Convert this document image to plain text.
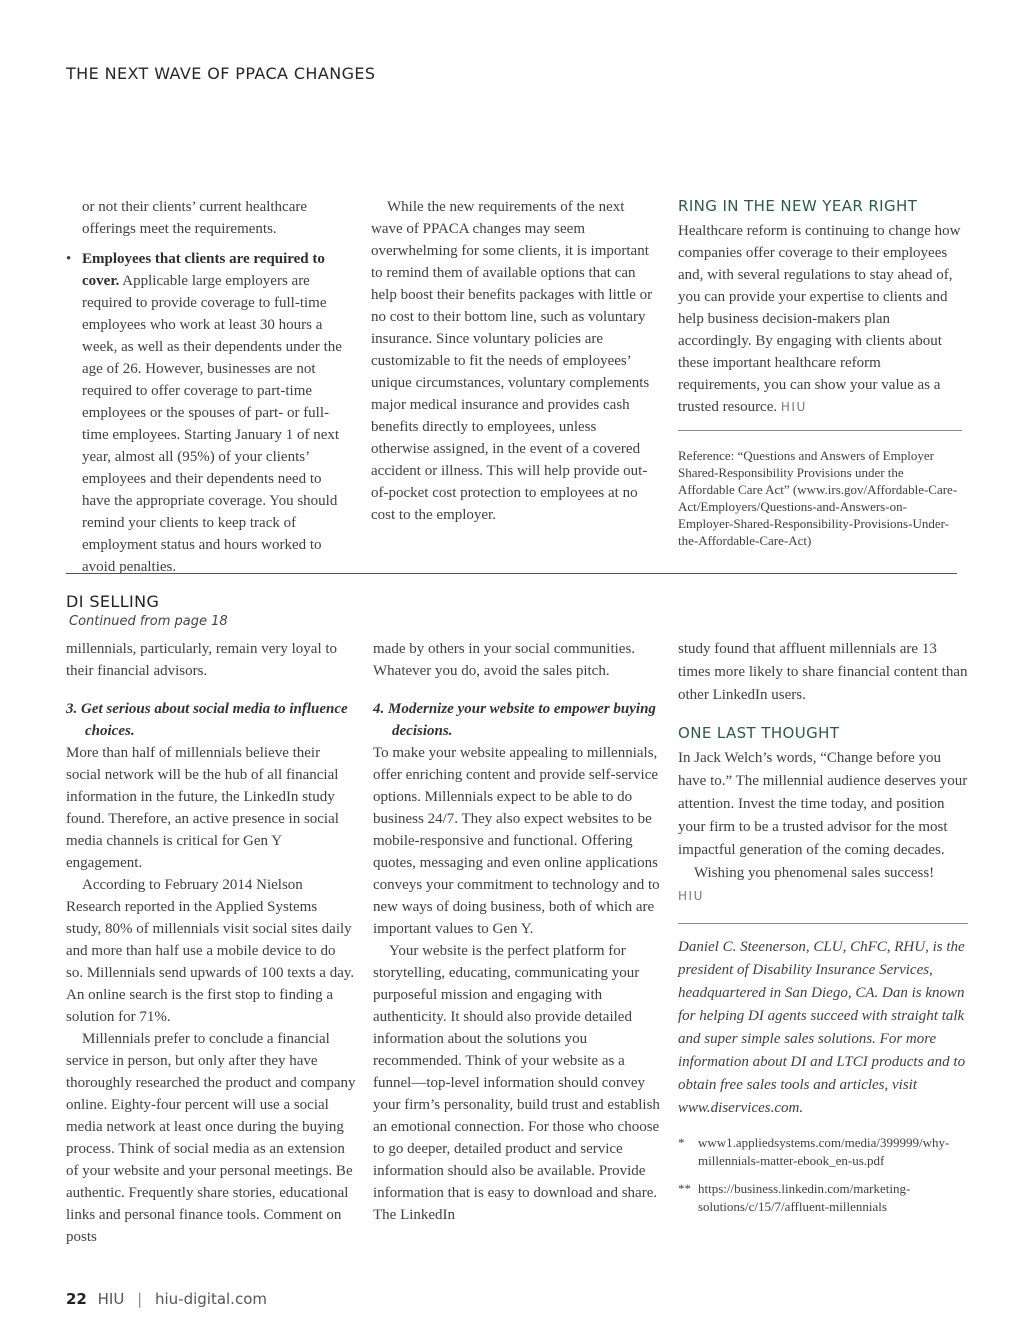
THE NEXT WAVE OF PPACA CHANGES

or not their clients’ current healthcare offerings meet the requirements.

• Employees that clients are required to cover. Applicable large employers are required to provide coverage to full-time employees who work at least 30 hours a week, as well as their dependents under the age of 26. However, businesses are not required to offer coverage to part-time employees or the spouses of part- or full-time employees. Starting January 1 of next year, almost all (95%) of your clients’ employees and their dependents need to have the appropriate coverage. You should remind your clients to keep track of employment status and hours worked to avoid penalties.

While the new requirements of the next wave of PPACA changes may seem overwhelming for some clients, it is important to remind them of available options that can help boost their benefits packages with little or no cost to their bottom line, such as voluntary insurance. Since voluntary policies are customizable to fit the needs of employees’ unique circumstances, voluntary complements major medical insurance and provides cash benefits directly to employees, unless otherwise assigned, in the event of a covered accident or illness. This will help provide out-of-pocket cost protection to employees at no cost to the employer.

RING IN THE NEW YEAR RIGHT

Healthcare reform is continuing to change how companies offer coverage to their employees and, with several regulations to stay ahead of, you can provide your expertise to clients and help business decision-makers plan accordingly. By engaging with clients about these important healthcare reform requirements, you can show your value as a trusted resource. HIU

Reference: “Questions and Answers of Employer Shared-Responsibility Provisions under the Affordable Care Act” (www.irs.gov/Affordable-Care-Act/Employers/Questions-and-Answers-on-Employer-Shared-Responsibility-Provisions-Under-the-Affordable-Care-Act)

DI SELLING
Continued from page 18

millennials, particularly, remain very loyal to their financial advisors.

3. Get serious about social media to influence choices.

More than half of millennials believe their social network will be the hub of all financial information in the future, the LinkedIn study found. Therefore, an active presence in social media channels is critical for Gen Y engagement.

According to February 2014 Nielson Research reported in the Applied Systems study, 80% of millennials visit social sites daily and more than half use a mobile device to do so. Millennials send upwards of 100 texts a day. An online search is the first stop to finding a solution for 71%.

Millennials prefer to conclude a financial service in person, but only after they have thoroughly researched the product and company online. Eighty-four percent will use a social media network at least once during the buying process. Think of social media as an extension of your website and your personal meetings. Be authentic. Frequently share stories, educational links and personal finance tools. Comment on posts

made by others in your social communities. Whatever you do, avoid the sales pitch.

4. Modernize your website to empower buying decisions.

To make your website appealing to millennials, offer enriching content and provide self-service options. Millennials expect to be able to do business 24/7. They also expect websites to be mobile-responsive and functional. Offering quotes, messaging and even online applications conveys your commitment to technology and to new ways of doing business, both of which are important values to Gen Y.

Your website is the perfect platform for storytelling, educating, communicating your purposeful mission and engaging with authenticity. It should also provide detailed information about the solutions you recommended. Think of your website as a funnel—top-level information should convey your firm’s personality, build trust and establish an emotional connection. For those who choose to go deeper, detailed product and service information should also be available. Provide information that is easy to download and share. The LinkedIn

study found that affluent millennials are 13 times more likely to share financial content than other LinkedIn users.

ONE LAST THOUGHT

In Jack Welch’s words, “Change before you have to.” The millennial audience deserves your attention. Invest the time today, and position your firm to be a trusted advisor for the most impactful generation of the coming decades.

Wishing you phenomenal sales success!

HIU

Daniel C. Steenerson, CLU, ChFC, RHU, is the president of Disability Insurance Services, headquartered in San Diego, CA. Dan is known for helping DI agents succeed with straight talk and super simple sales solutions. For more information about DI and LTCI products and to obtain free sales tools and articles, visit www.diservices.com.

* www1.appliedsystems.com/media/399999/why-millennials-matter-ebook_en-us.pdf

** https://business.linkedin.com/marketing-solutions/c/15/7/affluent-millennials

22 HIU | hiu-digital.com
